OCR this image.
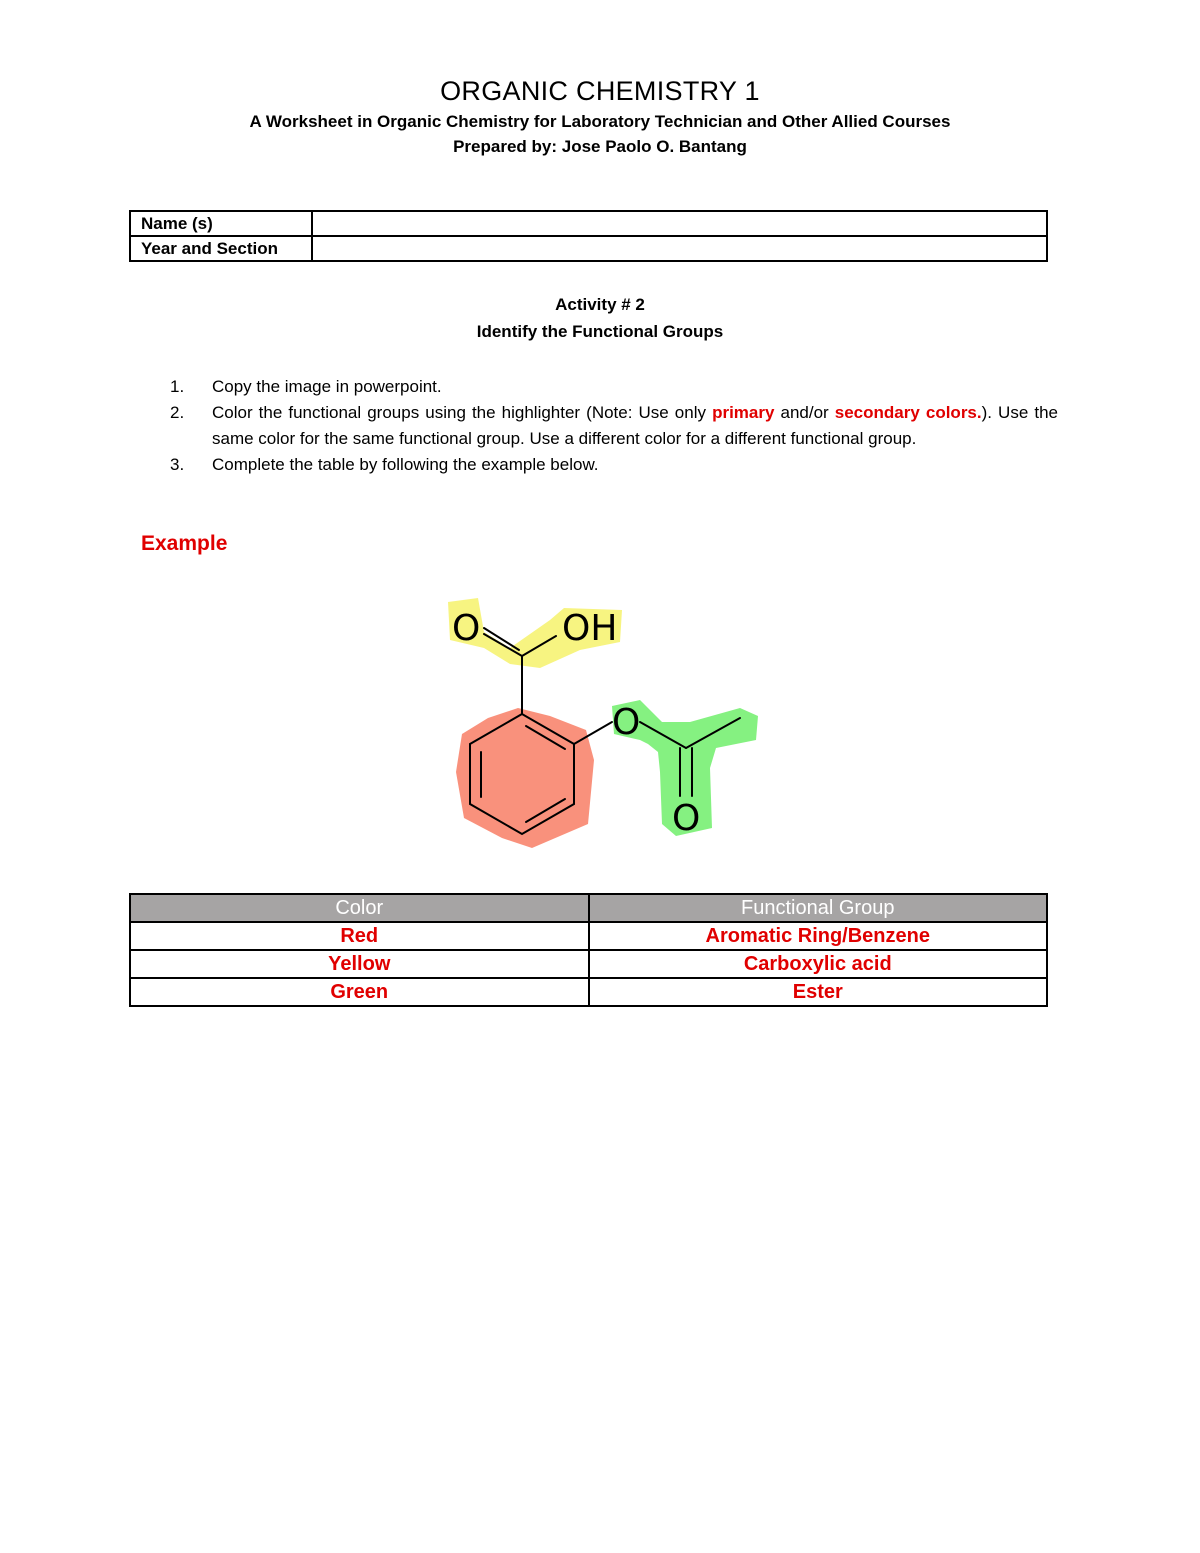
ORGANIC CHEMISTRY 1
A Worksheet in Organic Chemistry for Laboratory Technician and Other Allied Courses
Prepared by: Jose Paolo O. Bantang
Name (s)	
Year and Section	
Activity # 2
Identify the Functional Groups
1. Copy the image in powerpoint.
2. Color the functional groups using the highlighter (Note: Use only primary and/or secondary colors.). Use the same color for the same functional group. Use a different color for a different functional group.
3. Complete the table by following the example below.
Example
O OH
O
O
Color	Functional Group
Red	Aromatic Ring/Benzene
Yellow	Carboxylic acid
Green	Ester
